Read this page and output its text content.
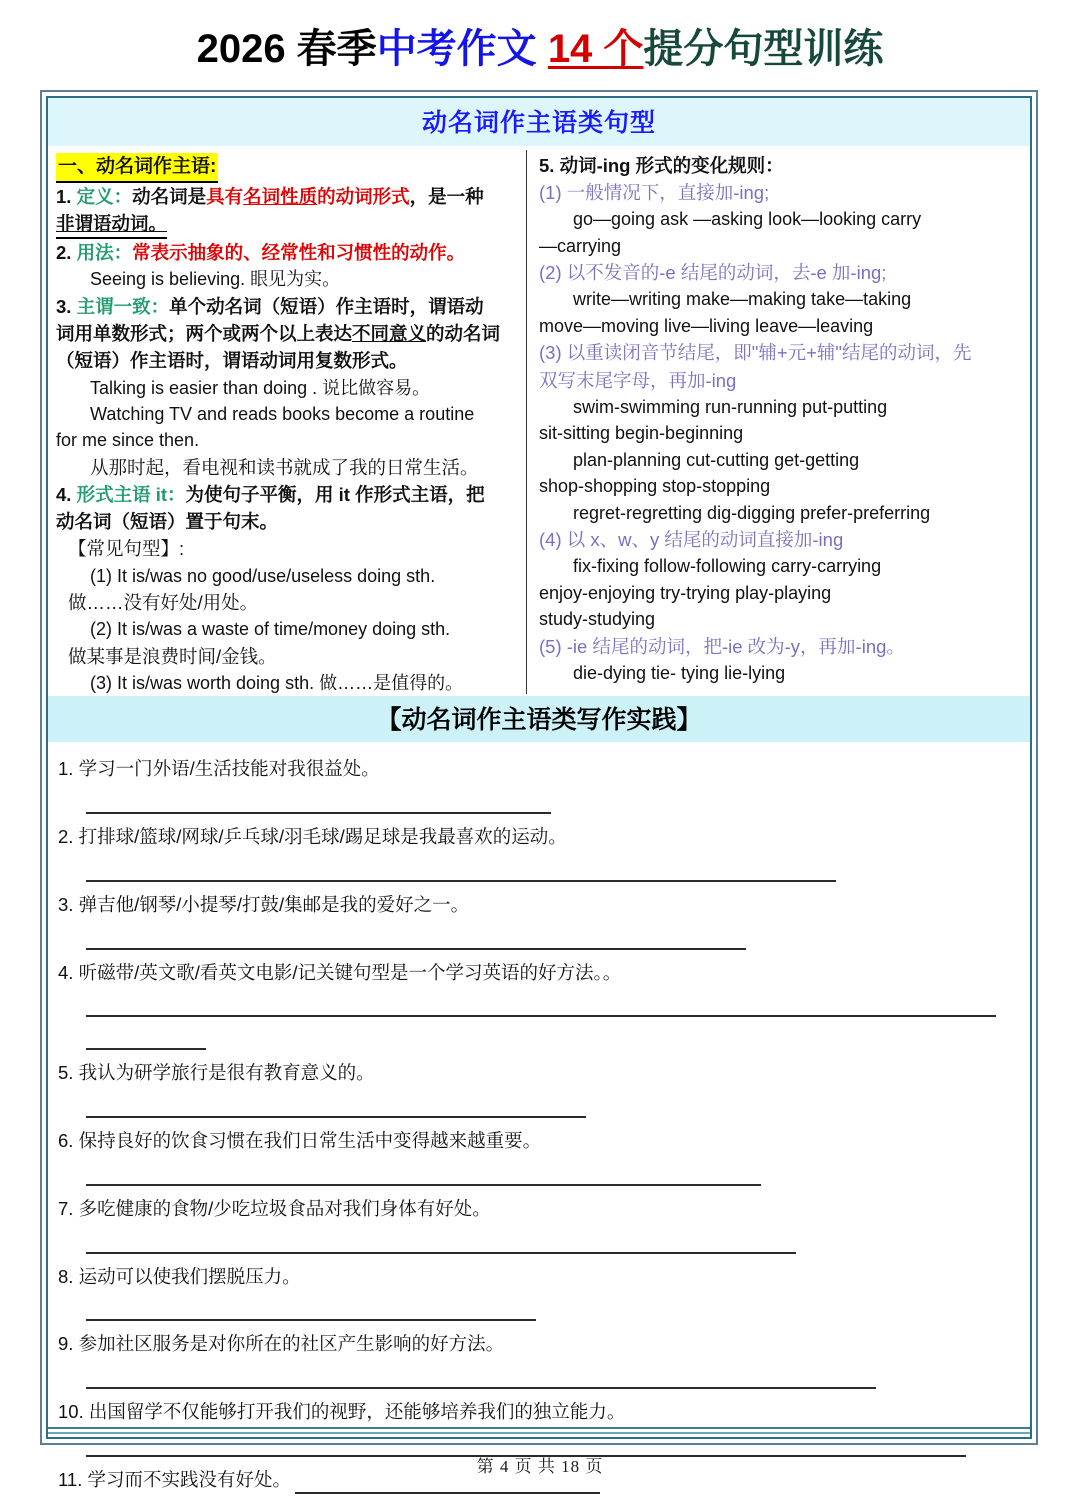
2026 春季中考作文 14 个提分句型训练
动名词作主语类句型

一、动名词作主语:

1. 定义：动名词是具有名词性质的动词形式，是一种

非谓语动词。

2. 用法：常表示抽象的、经常性和习惯性的动作。

Seeing is believing. 眼见为实。

3. 主谓一致：单个动名词（短语）作主语时，谓语动

词用单数形式；两个或两个以上表达不同意义的动名词

（短语）作主语时，谓语动词用复数形式。

Talking is easier than doing . 说比做容易。

Watching TV and reads books become a routine

for me since then.

从那时起，看电视和读书就成了我的日常生活。

4. 形式主语 it：为使句子平衡，用 it 作形式主语，把

动名词（短语）置于句末。

【常见句型】:

(1) It is/was no good/use/useless doing sth.

做……没有好处/用处。

(2) It is/was a waste of time/money doing sth.

做某事是浪费时间/金钱。

(3) It is/was worth doing sth. 做……是值得的。

5. 动词-ing 形式的变化规则：

(1) 一般情况下，直接加-ing;

go—going ask —asking look—looking carry

—carrying

(2) 以不发音的-e 结尾的动词，去-e 加-ing;

write—writing make—making take—taking

move—moving live—living leave—leaving

(3) 以重读闭音节结尾，即"辅+元+辅"结尾的动词，先

双写末尾字母，再加-ing

swim-swimming run-running put-putting

sit-sitting begin-beginning

plan-planning cut-cutting get-getting

shop-shopping stop-stopping

regret-regretting dig-digging prefer-preferring

(4) 以 x、w、y 结尾的动词直接加-ing

fix-fixing follow-following carry-carrying

enjoy-enjoying try-trying play-playing

study-studying

(5) -ie 结尾的动词，把-ie 改为-y，再加-ing。

die-dying tie- tying lie-lying

【动名词作主语类写作实践】

1. 学习一门外语/生活技能对我很益处。

2. 打排球/篮球/网球/乒乓球/羽毛球/踢足球是我最喜欢的运动。

3. 弹吉他/钢琴/小提琴/打鼓/集邮是我的爱好之一。

4. 听磁带/英文歌/看英文电影/记关键句型是一个学习英语的好方法。。

5. 我认为研学旅行是很有教育意义的。

6. 保持良好的饮食习惯在我们日常生活中变得越来越重要。

7. 多吃健康的食物/少吃垃圾食品对我们身体有好处。

8. 运动可以使我们摆脱压力。

9. 参加社区服务是对你所在的社区产生影响的好方法。

10. 出国留学不仅能够打开我们的视野，还能够培养我们的独立能力。

11. 学习而不实践没有好处。

第 4 页 共 18 页
